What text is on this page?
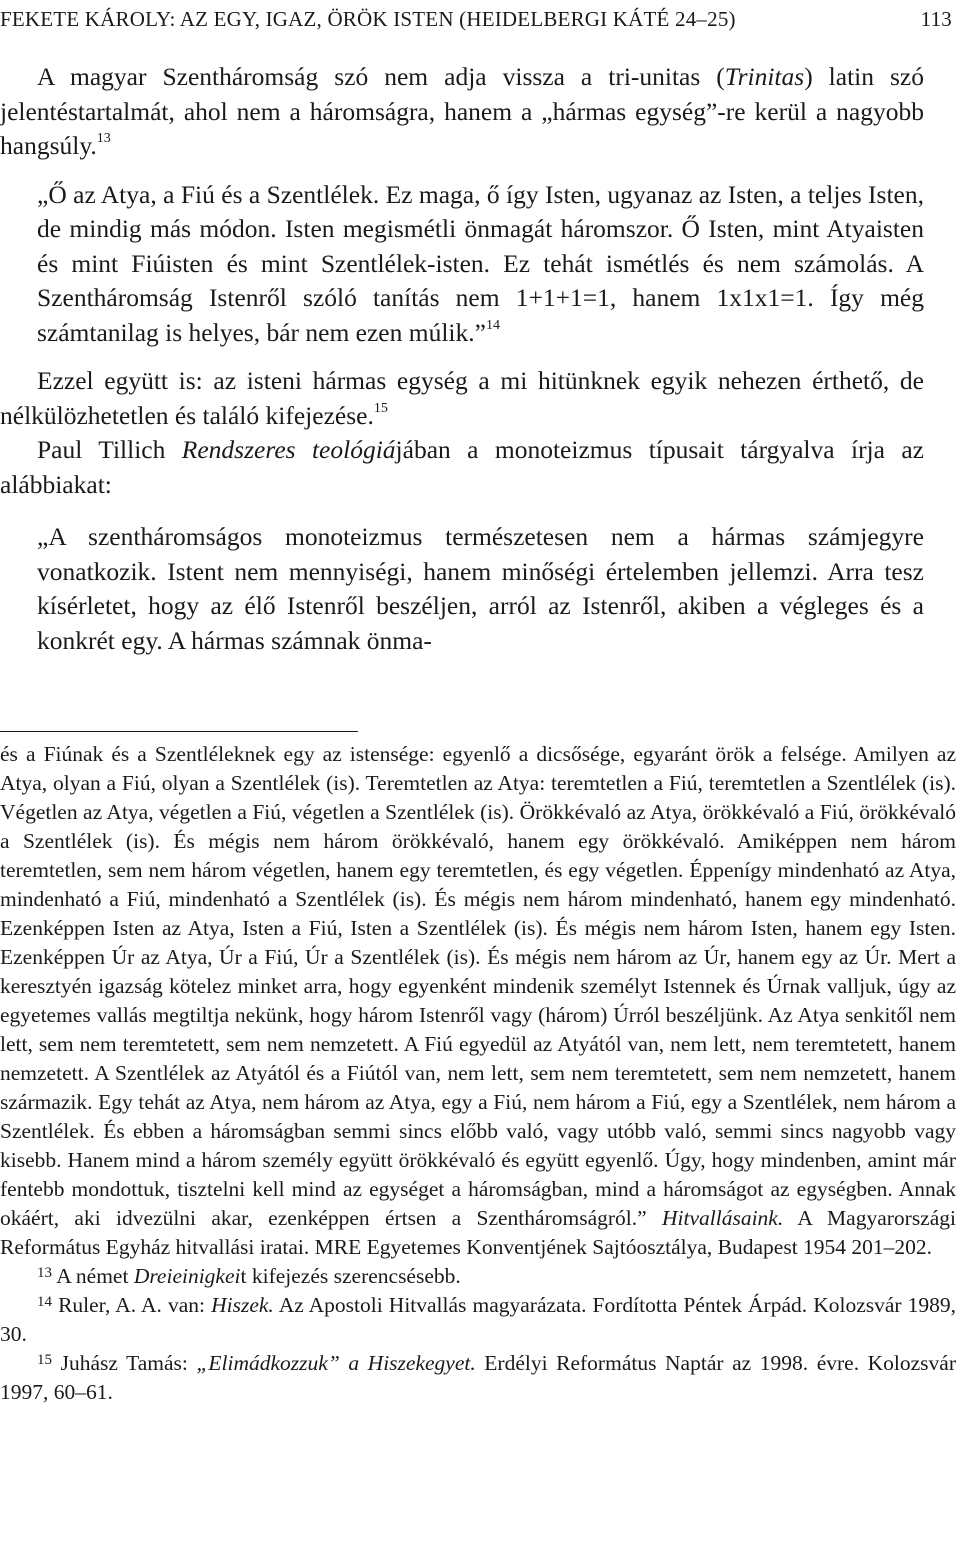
FEKETE KÁROLY: AZ EGY, IGAZ, ÖRÖK ISTEN (HEIDELBERGI KÁTÉ 24–25)	113

A magyar Szentháromság szó nem adja vissza a tri-unitas (Trinitas) latin szó jelentéstartalmát, ahol nem a háromságra, hanem a „hármas egység”-re kerül a nagyobb hangsúly.$^{13}$

„Ő az Atya, a Fiú és a Szentlélek. Ez maga, ő így Isten, ugyanaz az Isten, a teljes Isten, de mindig más módon. Isten megismétli önmagát háromszor. Ő Isten, mint Atyaisten és mint Fiúisten és mint Szentlélek-isten. Ez tehát ismétlés és nem számolás. A Szentháromság Istenről szóló tanítás nem 1+1+1=1, hanem 1x1x1=1. Így még számtanilag is helyes, bár nem ezen múlik.”$^{14}$

Ezzel együtt is: az isteni hármas egység a mi hitünknek egyik nehezen érthető, de nélkülözhetetlen és találó kifejezése.$^{15}$

Paul Tillich Rendszeres teológiájában a monoteizmus típusait tárgyalva írja az alábbiakat:

„A szentháromságos monoteizmus természetesen nem a hármas számjegyre vonatkozik. Istent nem mennyiségi, hanem minőségi értelemben jellemzi. Arra tesz kísérletet, hogy az élő Istenről beszéljen, arról az Istenről, akiben a végleges és a konkrét egy. A hármas számnak önma-

és a Fiúnak és a Szentléleknek egy az istensége: egyenlő a dicsősége, egyaránt örök a felsége. Amilyen az Atya, olyan a Fiú, olyan a Szentlélek (is). Teremtetlen az Atya: teremtetlen a Fiú, teremtetlen a Szentlélek (is). Végetlen az Atya, végetlen a Fiú, végetlen a Szentlélek (is). Örökkévaló az Atya, örökkévaló a Fiú, örökkévaló a Szentlélek (is). És mégis nem három örökkévaló, hanem egy örökkévaló. Amiképpen nem három teremtetlen, sem nem három végetlen, hanem egy teremtetlen, és egy végetlen. Éppenígy mindenható az Atya, mindenható a Fiú, mindenható a Szentlélek (is). És mégis nem három mindenható, hanem egy mindenható. Ezenképpen Isten az Atya, Isten a Fiú, Isten a Szentlélek (is). És mégis nem három Isten, hanem egy Isten. Ezenképpen Úr az Atya, Úr a Fiú, Úr a Szentlélek (is). És mégis nem három az Úr, hanem egy az Úr. Mert a keresztyén igazság kötelez minket arra, hogy egyenként mindenik személyt Istennek és Úrnak valljuk, úgy az egyetemes vallás megtiltja nekünk, hogy három Istenről vagy (három) Úrról beszéljünk. Az Atya senkitől nem lett, sem nem teremtetett, sem nem nemzetett. A Fiú egyedül az Atyától van, nem lett, nem teremtetett, hanem nemzetett. A Szentlélek az Atyától és a Fiútól van, nem lett, sem nem teremtetett, sem nem nemzetett, hanem származik. Egy tehát az Atya, nem három az Atya, egy a Fiú, nem három a Fiú, egy a Szentlélek, nem három a Szentlélek. És ebben a háromságban semmi sincs előbb való, vagy utóbb való, semmi sincs nagyobb vagy kisebb. Hanem mind a három személy együtt örökkévaló és együtt egyenlő. Úgy, hogy mindenben, amint már fentebb mondottuk, tisztelni kell mind az egységet a háromságban, mind a háromságot az egységben. Annak okáért, aki idvezülni akar, ezenképpen értsen a Szentháromságról.” Hitvallásaink. A Magyarországi Református Egyház hitvallási iratai. MRE Egyetemes Konventjének Sajtóosztálya, Budapest 1954 201–202.

$^{13}$ A német Dreieinigkeit kifejezés szerencsésebb.

$^{14}$ Ruler, A. A. van: Hiszek. Az Apostoli Hitvallás magyarázata. Fordította Péntek Árpád. Kolozsvár 1989, 30.

$^{15}$ Juhász Tamás: „Elimádkozzuk” a Hiszekegyet. Erdélyi Református Naptár az 1998. évre. Kolozsvár 1997, 60–61.
